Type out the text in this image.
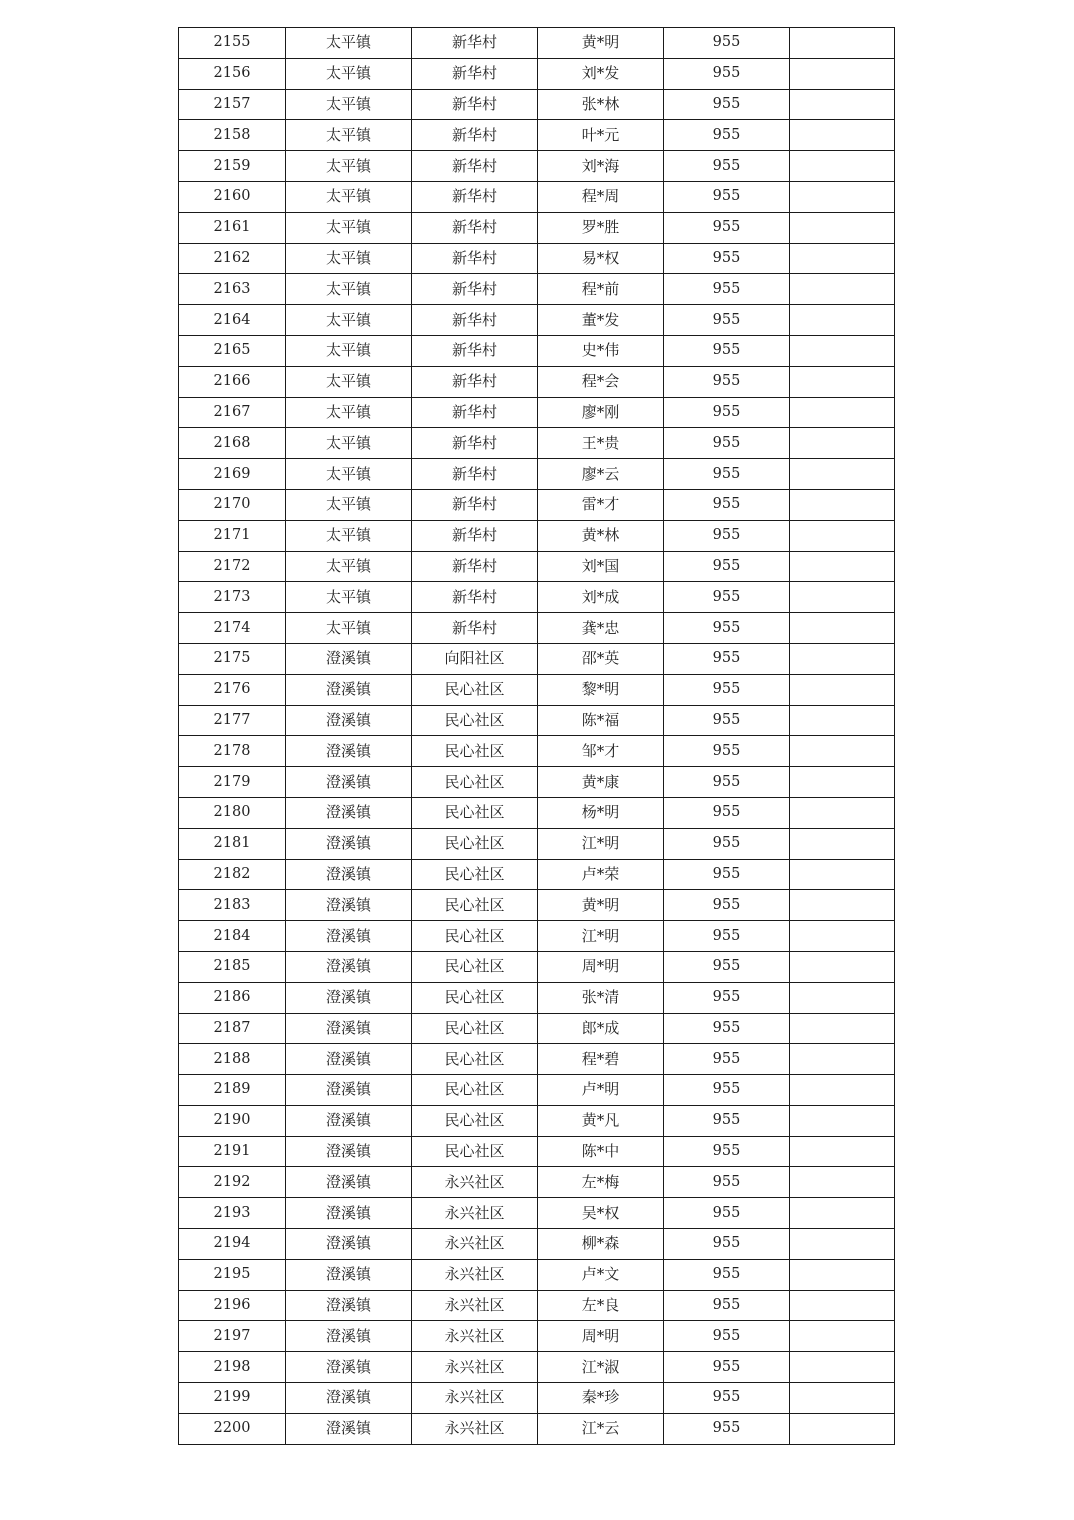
2155	太平镇	新华村	黄*明	955	
2156	太平镇	新华村	刘*发	955	
2157	太平镇	新华村	张*林	955	
2158	太平镇	新华村	叶*元	955	
2159	太平镇	新华村	刘*海	955	
2160	太平镇	新华村	程*周	955	
2161	太平镇	新华村	罗*胜	955	
2162	太平镇	新华村	易*权	955	
2163	太平镇	新华村	程*前	955	
2164	太平镇	新华村	董*发	955	
2165	太平镇	新华村	史*伟	955	
2166	太平镇	新华村	程*会	955	
2167	太平镇	新华村	廖*刚	955	
2168	太平镇	新华村	王*贵	955	
2169	太平镇	新华村	廖*云	955	
2170	太平镇	新华村	雷*才	955	
2171	太平镇	新华村	黄*林	955	
2172	太平镇	新华村	刘*国	955	
2173	太平镇	新华村	刘*成	955	
2174	太平镇	新华村	龚*忠	955	
2175	澄溪镇	向阳社区	邵*英	955	
2176	澄溪镇	民心社区	黎*明	955	
2177	澄溪镇	民心社区	陈*福	955	
2178	澄溪镇	民心社区	邹*才	955	
2179	澄溪镇	民心社区	黄*康	955	
2180	澄溪镇	民心社区	杨*明	955	
2181	澄溪镇	民心社区	江*明	955	
2182	澄溪镇	民心社区	卢*荣	955	
2183	澄溪镇	民心社区	黄*明	955	
2184	澄溪镇	民心社区	江*明	955	
2185	澄溪镇	民心社区	周*明	955	
2186	澄溪镇	民心社区	张*清	955	
2187	澄溪镇	民心社区	郎*成	955	
2188	澄溪镇	民心社区	程*碧	955	
2189	澄溪镇	民心社区	卢*明	955	
2190	澄溪镇	民心社区	黄*凡	955	
2191	澄溪镇	民心社区	陈*中	955	
2192	澄溪镇	永兴社区	左*梅	955	
2193	澄溪镇	永兴社区	吴*权	955	
2194	澄溪镇	永兴社区	柳*森	955	
2195	澄溪镇	永兴社区	卢*文	955	
2196	澄溪镇	永兴社区	左*良	955	
2197	澄溪镇	永兴社区	周*明	955	
2198	澄溪镇	永兴社区	江*淑	955	
2199	澄溪镇	永兴社区	秦*珍	955	
2200	澄溪镇	永兴社区	江*云	955	
